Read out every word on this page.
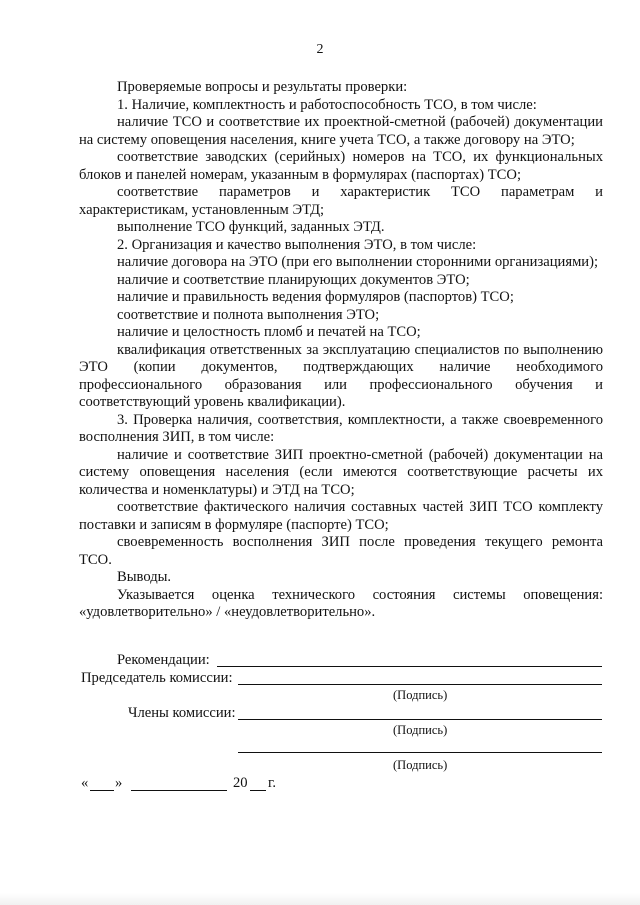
2

Проверяемые вопросы и результаты проверки:

1. Наличие, комплектность и работоспособность ТСО, в том числе:

наличие ТСО и соответствие их проектной-сметной (рабочей) документации на систему оповещения населения, книге учета ТСО, а также договору на ЭТО;

соответствие заводских (серийных) номеров на ТСО, их функциональных блоков и панелей номерам, указанным в формулярах (паспортах) ТСО;

соответствие параметров и характеристик ТСО параметрам и характеристикам, установленным ЭТД;

выполнение ТСО функций, заданных ЭТД.

2. Организация и качество выполнения ЭТО, в том числе:

наличие договора на ЭТО (при его выполнении сторонними организациями);

наличие и соответствие планирующих документов ЭТО;

наличие и правильность ведения формуляров (паспортов) ТСО;

соответствие и полнота выполнения ЭТО;

наличие и целостность пломб и печатей на ТСО;

квалификация ответственных за эксплуатацию специалистов по выполнению ЭТО (копии документов, подтверждающих наличие необходимого профессионального образования или профессионального обучения и соответствующий уровень квалификации).

3. Проверка наличия, соответствия, комплектности, а также своевременного восполнения ЗИП, в том числе:

наличие и соответствие ЗИП проектно-сметной (рабочей) документации на систему оповещения населения (если имеются соответствующие расчеты их количества и номенклатуры) и ЭТД на ТСО;

соответствие фактического наличия составных частей ЗИП ТСО комплекту поставки и записям в формуляре (паспорте) ТСО;

своевременность восполнения ЗИП после проведения текущего ремонта ТСО.

Выводы.

Указывается оценка технического состояния системы оповещения: «удовлетворительно» / «неудовлетворительно».

Рекомендации:
Председатель комиссии:
(Подпись)
Члены комиссии:
(Подпись)
(Подпись)
« »	20 г.
